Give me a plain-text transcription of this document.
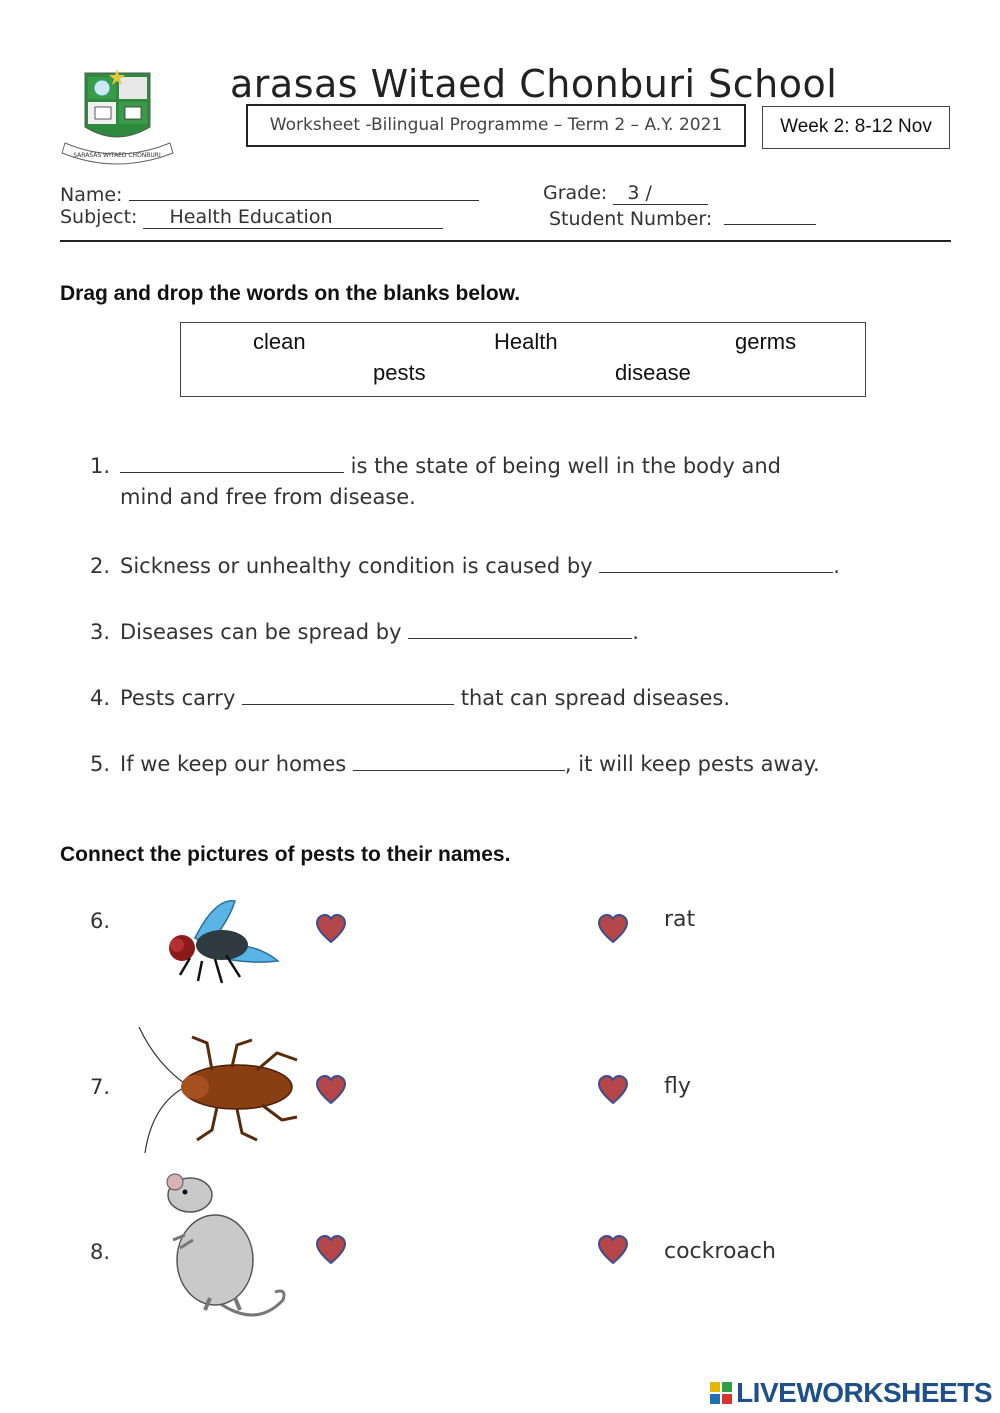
SARASAS WITAED CHONBURI
arasas Witaed Chonburi School
Worksheet -Bilingual Programme – Term 2 – A.Y. 2021	Week 2: 8-12 Nov
Name:	Grade: 3 /
Subject: Health Education	Student Number:
Drag and drop the words on the blanks below.
clean	Health	germs
pests	disease
1.	is the state of being well in the body and
mind and free from disease.
2. Sickness or unhealthy condition is caused by	.
3. Diseases can be spread by	.
4. Pests carry	that can spread diseases.
5. If we keep our homes	, it will keep pests away.
Connect the pictures of pests to their names.
6.	rat
7.	fly
8.	cockroach
LIVEWORKSHEETS
